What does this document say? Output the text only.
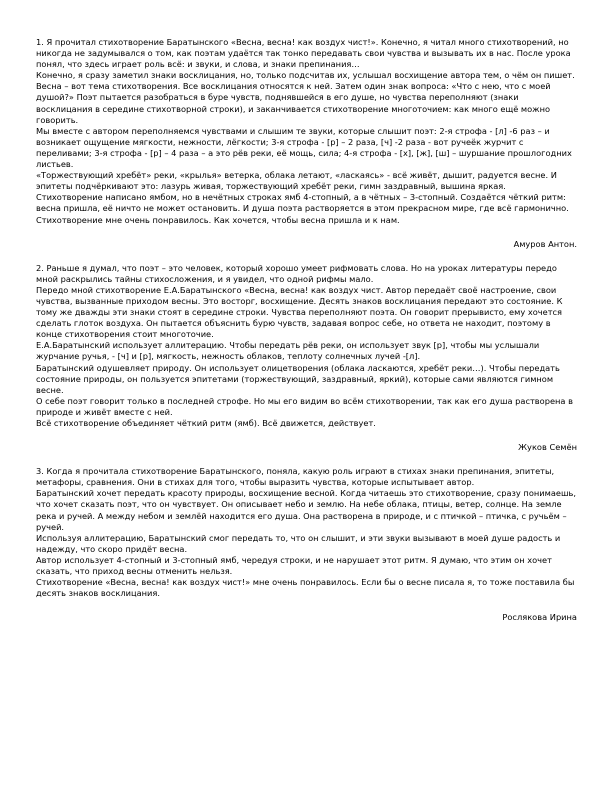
1. Я прочитал стихотворение Баратынского «Весна, весна! как воздух чист!». Конечно, я читал много стихотворений, но никогда не задумывался о том, как поэтам удаётся так тонко передавать свои чувства и вызывать их в нас. После урока понял, что здесь играет роль всё: и звуки, и слова, и знаки препинания…

Конечно, я сразу заметил знаки восклицания, но, только подсчитав их, услышал восхищение автора тем, о чём он пишет. Весна – вот тема стихотворения. Все восклицания относятся к ней. Затем один знак вопроса: «Что с нею, что с моей душой?» Поэт пытается разобраться в буре чувств, поднявшейся в его душе, но чувства переполняют (знаки восклицания в середине стихотворной строки), и заканчивается стихотворение многоточием: как много ещё можно говорить.

Мы вместе с автором переполняемся чувствами и слышим те звуки, которые слышит поэт: 2-я строфа - [л] -6 раз – и возникает ощущение мягкости, нежности, лёгкости; 3-я строфа - [р] – 2 раза, [ч] -2 раза - вот ручеёк журчит с переливами; 3-я строфа - [р] – 4 раза – а это рёв реки, её мощь, сила; 4-я строфа - [х], [ж], [ш] – шуршание прошлогодних листьев.

«Торжествующий хребёт» реки, «крылья» ветерка, облака летают, «ласкаясь» - всё живёт, дышит, радуется весне. И эпитеты подчёркивают это: лазурь живая, торжествующий хребёт реки, гимн заздравный, вышина яркая.

Стихотворение написано ямбом, но в нечётных строках ямб 4-стопный, а в чётных – 3-стопный. Создаётся чёткий ритм: весна пришла, её ничто не может остановить. И душа поэта растворяется в этом прекрасном мире, где всё гармонично.

Стихотворение мне очень понравилось. Как хочется, чтобы весна пришла и к нам.

Амуров Антон.

2. Раньше я думал, что поэт – это человек, который хорошо умеет рифмовать слова. Но на уроках литературы передо мной раскрылись тайны стихосложения, и я увидел, что одной рифмы мало.

Передо мной стихотворение Е.А.Баратынского «Весна, весна! как воздух чист. Автор передаёт своё настроение, свои чувства, вызванные приходом весны. Это восторг, восхищение. Десять знаков восклицания передают это состояние. К тому же дважды эти знаки стоят в середине строки. Чувства переполняют поэта. Он говорит прерывисто, ему хочется сделать глоток воздуха. Он пытается объяснить бурю чувств, задавая вопрос себе, но ответа не находит, поэтому в конце стихотворения стоит многоточие.

Е.А.Баратынский использует аллитерацию. Чтобы передать рёв реки, он использует звук [р], чтобы мы услышали журчание ручья, - [ч] и [р], мягкость, нежность облаков, теплоту солнечных лучей -[л].

Баратынский одушевляет природу. Он использует олицетворения (облака ласкаются, хребёт реки…). Чтобы передать состояние природы, он пользуется эпитетами (торжествующий, заздравный, яркий), которые сами являются гимном весне.

О себе поэт говорит только в последней строфе. Но мы его видим во всём стихотворении, так как его душа растворена в природе и живёт вместе с ней.

Всё стихотворение объединяет чёткий ритм (ямб). Всё движется, действует.

Жуков Семён

3. Когда я прочитала стихотворение Баратынского, поняла, какую роль играют в стихах знаки препинания, эпитеты, метафоры, сравнения. Они в стихах для того, чтобы выразить чувства, которые испытывает автор.

Баратынский хочет передать красоту природы, восхищение весной. Когда читаешь это стихотворение, сразу понимаешь, что хочет сказать поэт, что он чувствует. Он описывает небо и землю. На небе облака, птицы, ветер, солнце. На земле река и ручей. А между небом и землёй находится его душа. Она растворена в природе, и с птичкой – птичка, с ручьём – ручей.

Используя аллитерацию, Баратынский смог передать то, что он слышит, и эти звуки вызывают в моей душе радость и надежду, что скоро придёт весна.

Автор использует 4-стопный и 3-стопный ямб, чередуя строки, и не нарушает этот ритм. Я думаю, что этим он хочет сказать, что приход весны отменить нельзя.

Стихотворение «Весна, весна! как воздух чист!» мне очень понравилось. Если бы о весне писала я, то тоже поставила бы десять знаков восклицания.

Рослякова Ирина
